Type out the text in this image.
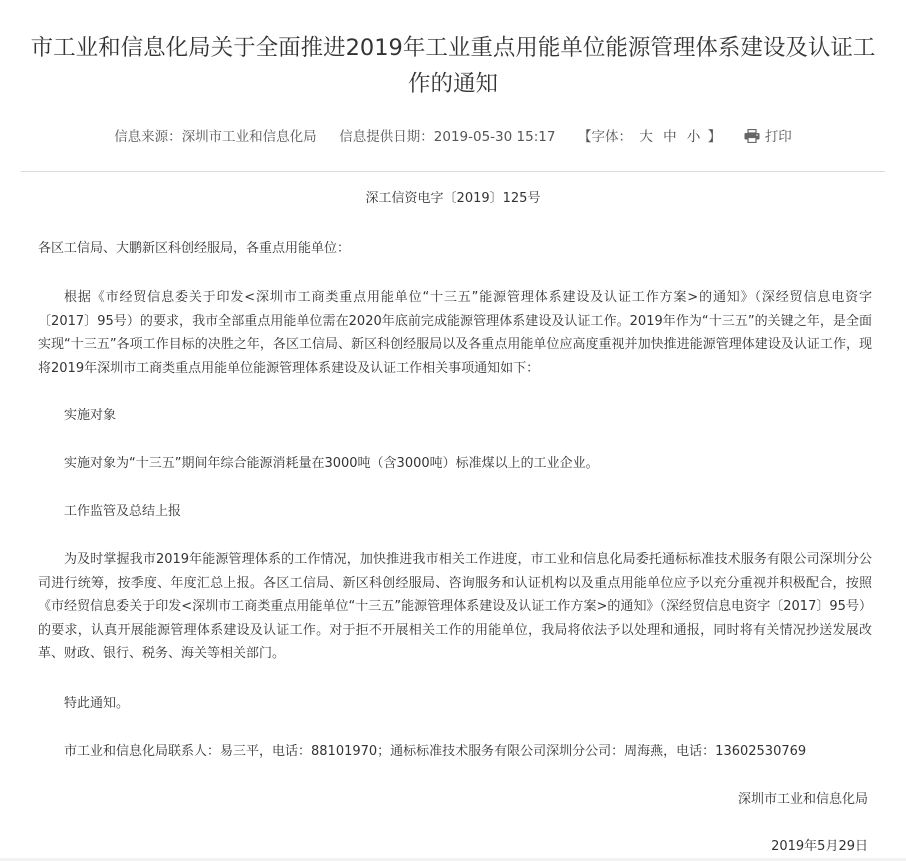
市工业和信息化局关于全面推进2019年工业重点用能单位能源管理体系建设及认证工作的通知
信息来源：深圳市工业和信息化局 信息提供日期：2019-05-30 15:17 【字体： 大 中 小 】	打印
深工信资电字〔2019〕125号

各区工信局、大鹏新区科创经服局，各重点用能单位：

根据《市经贸信息委关于印发<深圳市工商类重点用能单位“十三五”能源管理体系建设及认证工作方案>的通知》（深经贸信息电资字〔2017〕95号）的要求，我市全部重点用能单位需在2020年底前完成能源管理体系建设及认证工作。2019年作为“十三五”的关键之年，是全面实现“十三五”各项工作目标的决胜之年，各区工信局、新区科创经服局以及各重点用能单位应高度重视并加快推进能源管理体建设及认证工作，现将2019年深圳市工商类重点用能单位能源管理体系建设及认证工作相关事项通知如下：

实施对象

实施对象为“十三五”期间年综合能源消耗量在3000吨（含3000吨）标准煤以上的工业企业。

工作监管及总结上报

为及时掌握我市2019年能源管理体系的工作情况，加快推进我市相关工作进度，市工业和信息化局委托通标标准技术服务有限公司深圳分公司进行统筹，按季度、年度汇总上报。各区工信局、新区科创经服局、咨询服务和认证机构以及重点用能单位应予以充分重视并积极配合，按照《市经贸信息委关于印发<深圳市工商类重点用能单位“十三五”能源管理体系建设及认证工作方案>的通知》（深经贸信息电资字〔2017〕95号）的要求，认真开展能源管理体系建设及认证工作。对于拒不开展相关工作的用能单位，我局将依法予以处理和通报，同时将有关情况抄送发展改革、财政、银行、税务、海关等相关部门。

特此通知。

市工业和信息化局联系人：易三平，电话：88101970；通标标准技术服务有限公司深圳分公司：周海燕，电话：13602530769

深圳市工业和信息化局

2019年5月29日
